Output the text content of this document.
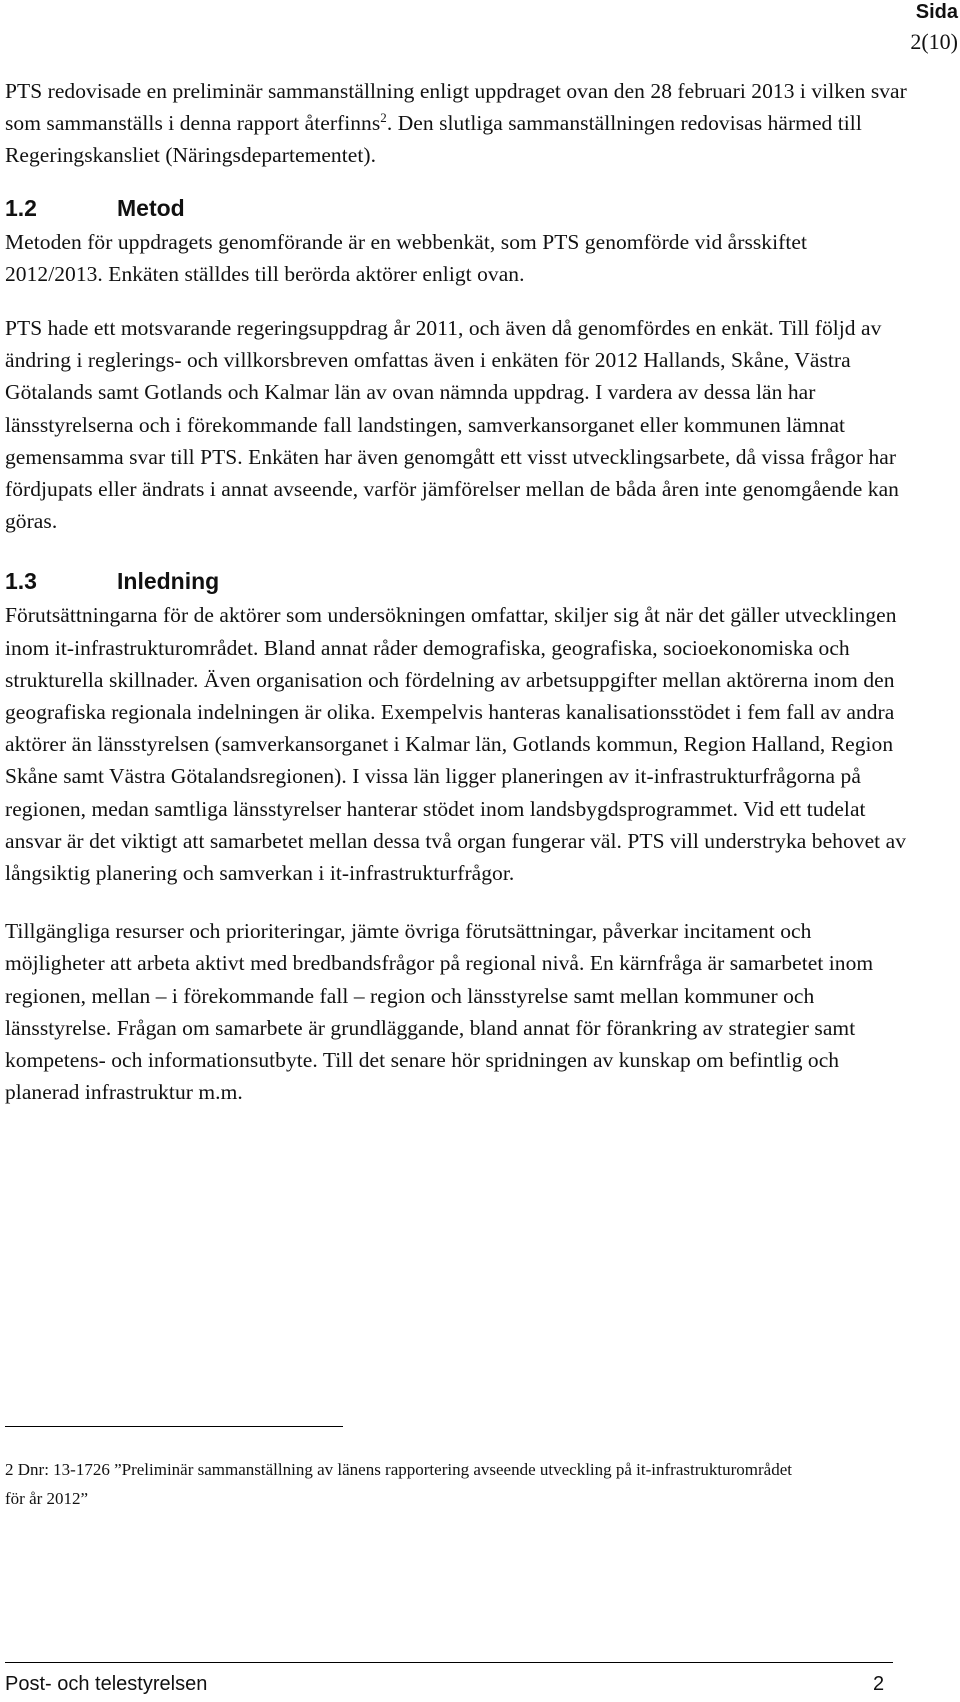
Sida
2(10)

PTS redovisade en preliminär sammanställning enligt uppdraget ovan den 28 februari 2013 i vilken svar som sammanställs i denna rapport återfinns$^2$. Den slutliga sammanställningen redovisas härmed till Regeringskansliet (Näringsdepartementet).

1.2	Metod

Metoden för uppdragets genomförande är en webbenkät, som PTS genomförde vid årsskiftet 2012/2013. Enkäten ställdes till berörda aktörer enligt ovan.

PTS hade ett motsvarande regeringsuppdrag år 2011, och även då genomfördes en enkät. Till följd av ändring i reglerings- och villkorsbreven omfattas även i enkäten för 2012 Hallands, Skåne, Västra Götalands samt Gotlands och Kalmar län av ovan nämnda uppdrag. I vardera av dessa län har länsstyrelserna och i förekommande fall landstingen, samverkansorganet eller kommunen lämnat gemensamma svar till PTS. Enkäten har även genomgått ett visst utvecklingsarbete, då vissa frågor har fördjupats eller ändrats i annat avseende, varför jämförelser mellan de båda åren inte genomgående kan göras.

1.3	Inledning

Förutsättningarna för de aktörer som undersökningen omfattar, skiljer sig åt när det gäller utvecklingen inom it-infrastrukturområdet. Bland annat råder demografiska, geografiska, socioekonomiska och strukturella skillnader. Även organisation och fördelning av arbetsuppgifter mellan aktörerna inom den geografiska regionala indelningen är olika. Exempelvis hanteras kanalisationsstödet i fem fall av andra aktörer än länsstyrelsen (samverkansorganet i Kalmar län, Gotlands kommun, Region Halland, Region Skåne samt Västra Götalandsregionen). I vissa län ligger planeringen av it-infrastrukturfrågorna på regionen, medan samtliga länsstyrelser hanterar stödet inom landsbygdsprogrammet. Vid ett tudelat ansvar är det viktigt att samarbetet mellan dessa två organ fungerar väl. PTS vill understryka behovet av långsiktig planering och samverkan i it-infrastrukturfrågor.

Tillgängliga resurser och prioriteringar, jämte övriga förutsättningar, påverkar incitament och möjligheter att arbeta aktivt med bredbandsfrågor på regional nivå. En kärnfråga är samarbetet inom regionen, mellan – i förekommande fall – region och länsstyrelse samt mellan kommuner och länsstyrelse. Frågan om samarbete är grundläggande, bland annat för förankring av strategier samt kompetens- och informationsutbyte. Till det senare hör spridningen av kunskap om befintlig och planerad infrastruktur m.m.

2 Dnr: 13-1726 ”Preliminär sammanställning av länens rapportering avseende utveckling på it-infrastrukturområdet för år 2012”
Post- och telestyrelsen	2
